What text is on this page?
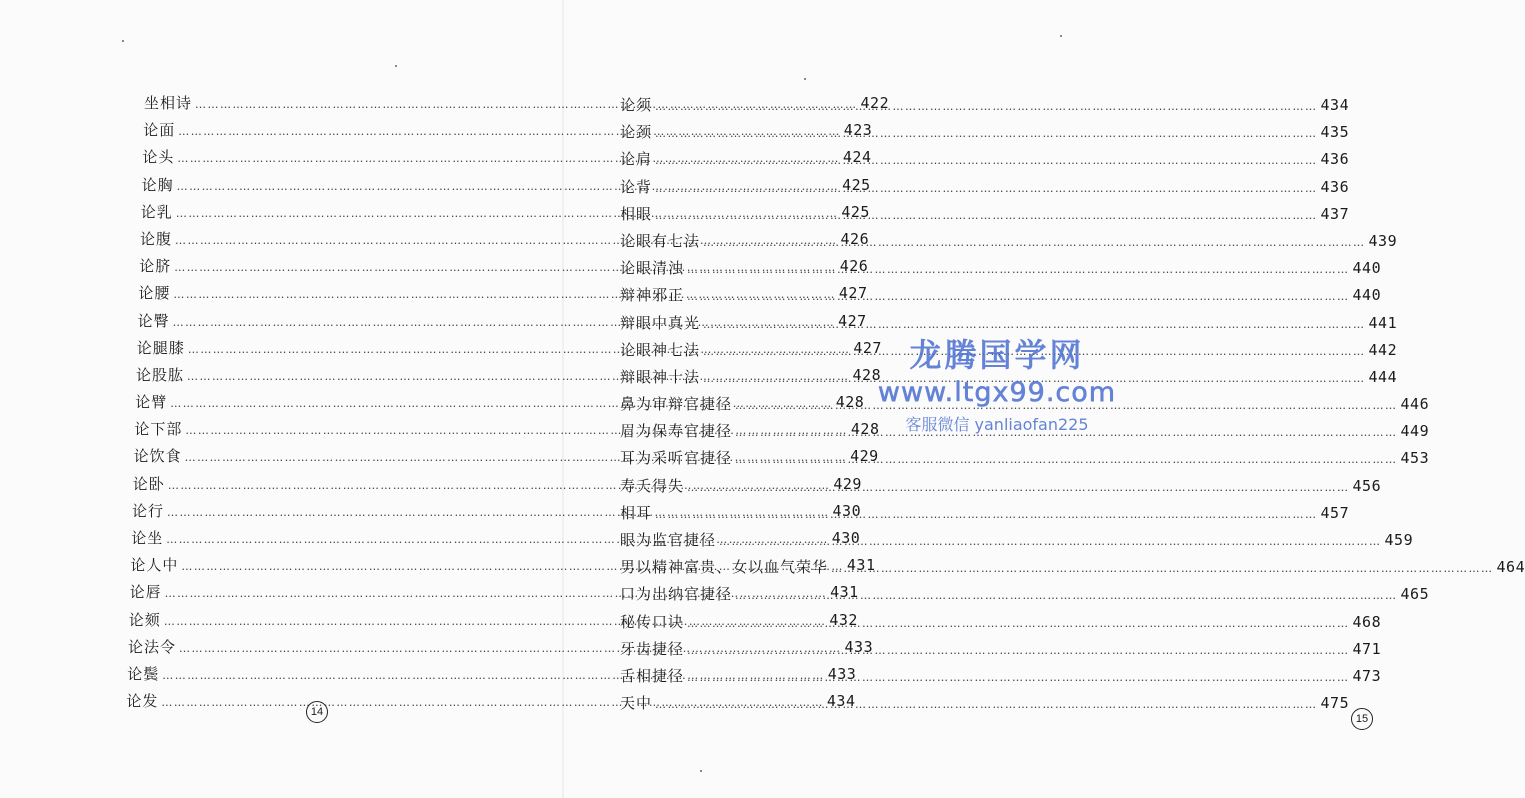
坐相诗 ……………………………………………………………………………………………………………………………………………	422
论面 ……………………………………………………………………………………………………………………………………………	423
论头 ……………………………………………………………………………………………………………………………………………	424
论胸 ……………………………………………………………………………………………………………………………………………	425
论乳 ……………………………………………………………………………………………………………………………………………	425
论腹 ……………………………………………………………………………………………………………………………………………	426
论脐 ……………………………………………………………………………………………………………………………………………	426
论腰 ……………………………………………………………………………………………………………………………………………	427
论臀 ……………………………………………………………………………………………………………………………………………	427
论腿膝 ……………………………………………………………………………………………………………………………………………	427
论股肱 ……………………………………………………………………………………………………………………………………………	428
论臂 ……………………………………………………………………………………………………………………………………………	428
论下部 ……………………………………………………………………………………………………………………………………………	428
论饮食 ……………………………………………………………………………………………………………………………………………	429
论卧 ……………………………………………………………………………………………………………………………………………	429
论行 ……………………………………………………………………………………………………………………………………………	430
论坐 ……………………………………………………………………………………………………………………………………………	430
论人中 ……………………………………………………………………………………………………………………………………………	431
论唇 ……………………………………………………………………………………………………………………………………………	431
论颏 ……………………………………………………………………………………………………………………………………………	432
论法令 ……………………………………………………………………………………………………………………………………………	433
论鬓 ……………………………………………………………………………………………………………………………………………	433
论发 ……………………………………………………………………………………………………………………………………………	434
14
15
论须 ……………………………………………………………………………………………………………………………………………	434
论颈 ……………………………………………………………………………………………………………………………………………	435
论肩 ……………………………………………………………………………………………………………………………………………	436
论背 ……………………………………………………………………………………………………………………………………………	436
相眼 ……………………………………………………………………………………………………………………………………………	437
论眼有七法 ……………………………………………………………………………………………………………………………………………	439
论眼清浊 ……………………………………………………………………………………………………………………………………………	440
辩神邪正 ……………………………………………………………………………………………………………………………………………	440
辩眼中真光 ……………………………………………………………………………………………………………………………………………	441
论眼神七法 ……………………………………………………………………………………………………………………………………………	442
辩眼神十法 ……………………………………………………………………………………………………………………………………………	444
鼻为审辩官捷径 ……………………………………………………………………………………………………………………………………………	446
眉为保寿官捷径 ……………………………………………………………………………………………………………………………………………	449
耳为采听官捷径 ……………………………………………………………………………………………………………………………………………	453
寿夭得失 ……………………………………………………………………………………………………………………………………………	456
相耳 ……………………………………………………………………………………………………………………………………………	457
眼为监官捷径 ……………………………………………………………………………………………………………………………………………	459
男以精神富贵、女以血气荣华 ……………………………………………………………………………………………………………………………………………	464
口为出纳官捷径 ……………………………………………………………………………………………………………………………………………	465
秘传口诀 ……………………………………………………………………………………………………………………………………………	468
牙齿捷径 ……………………………………………………………………………………………………………………………………………	471
舌相捷径 ……………………………………………………………………………………………………………………………………………	473
天中 ……………………………………………………………………………………………………………………………………………	475
龙腾国学网
www.ltgx99.com
客服微信 yanliaofan225
